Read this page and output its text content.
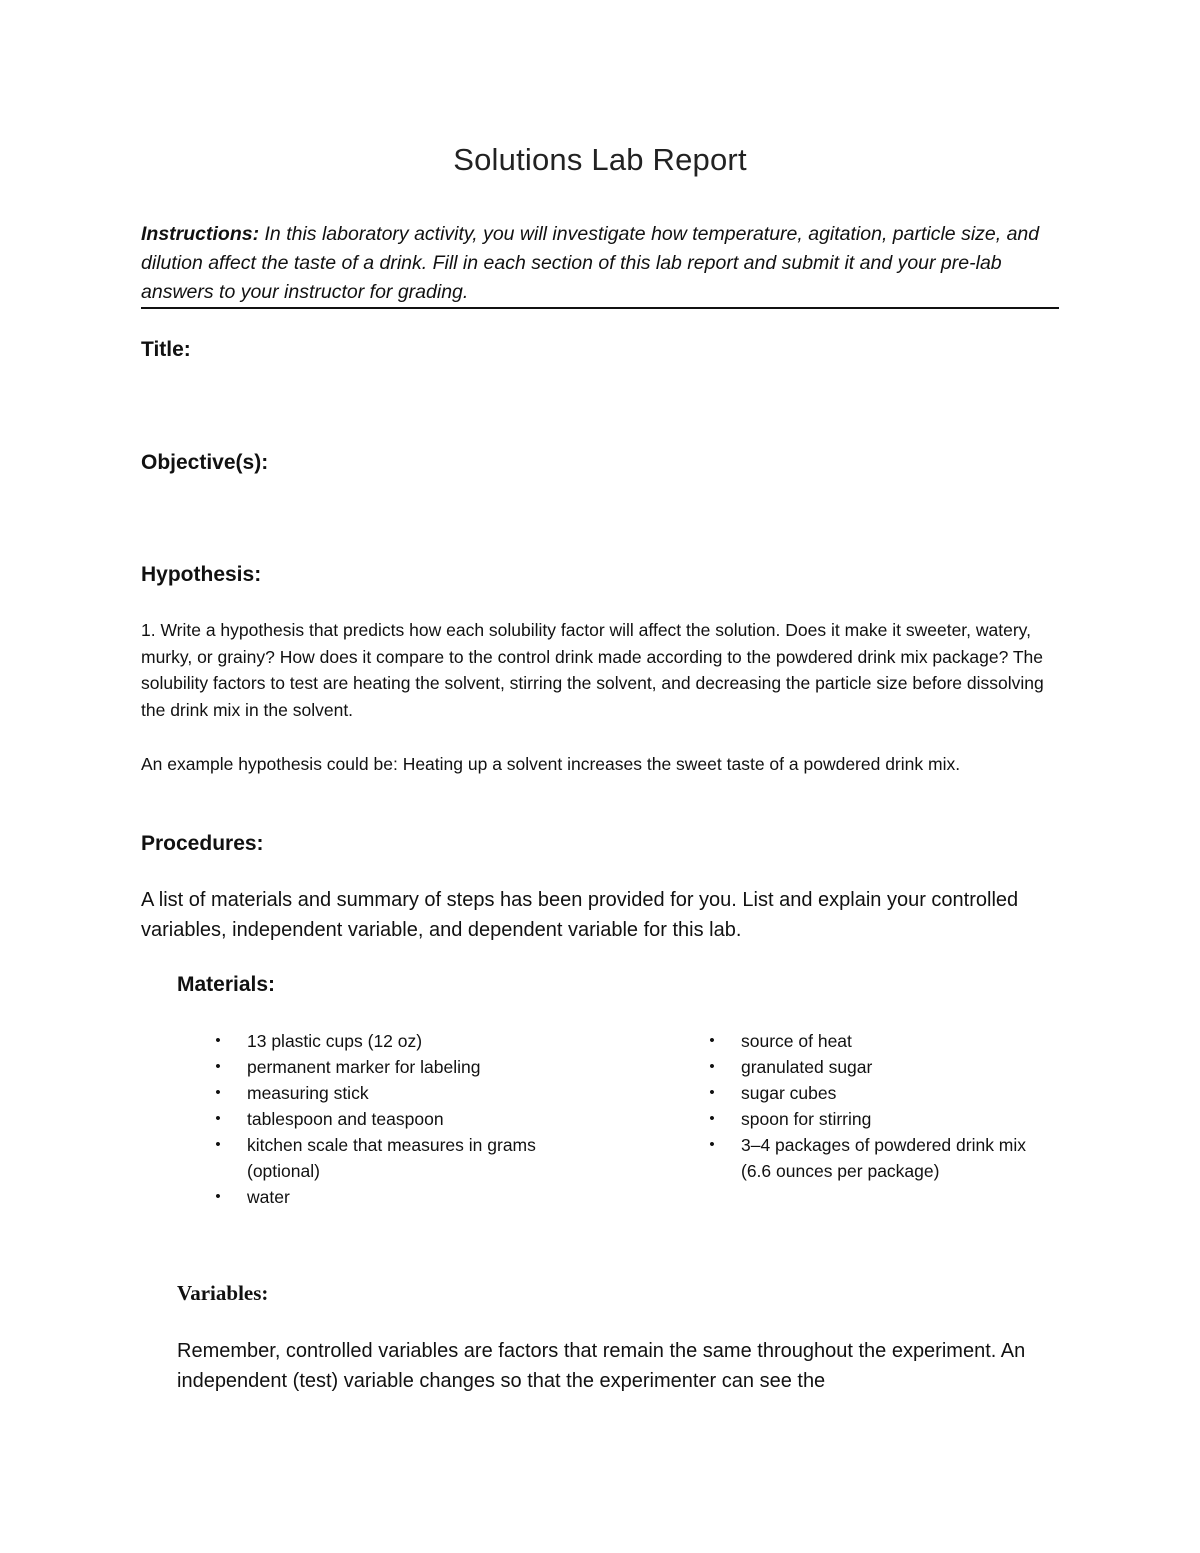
Solutions Lab Report
Instructions: In this laboratory activity, you will investigate how temperature, agitation, particle size, and dilution affect the taste of a drink. Fill in each section of this lab report and submit it and your pre-lab answers to your instructor for grading.
Title:
Objective(s):
Hypothesis:
1. Write a hypothesis that predicts how each solubility factor will affect the solution. Does it make it sweeter, watery, murky, or grainy? How does it compare to the control drink made according to the powdered drink mix package? The solubility factors to test are heating the solvent, stirring the solvent, and decreasing the particle size before dissolving the drink mix in the solvent.
An example hypothesis could be: Heating up a solvent increases the sweet taste of a powdered drink mix.
Procedures:
A list of materials and summary of steps has been provided for you. List and explain your controlled variables, independent variable, and dependent variable for this lab.
Materials:
• 13 plastic cups (12 oz)
• permanent marker for labeling
• measuring stick
• tablespoon and teaspoon
• kitchen scale that measures in grams (optional)
• water
• source of heat
• granulated sugar
• sugar cubes
• spoon for stirring
• 3–4 packages of powdered drink mix (6.6 ounces per package)
Variables:
Remember, controlled variables are factors that remain the same throughout the experiment. An independent (test) variable changes so that the experimenter can see the
